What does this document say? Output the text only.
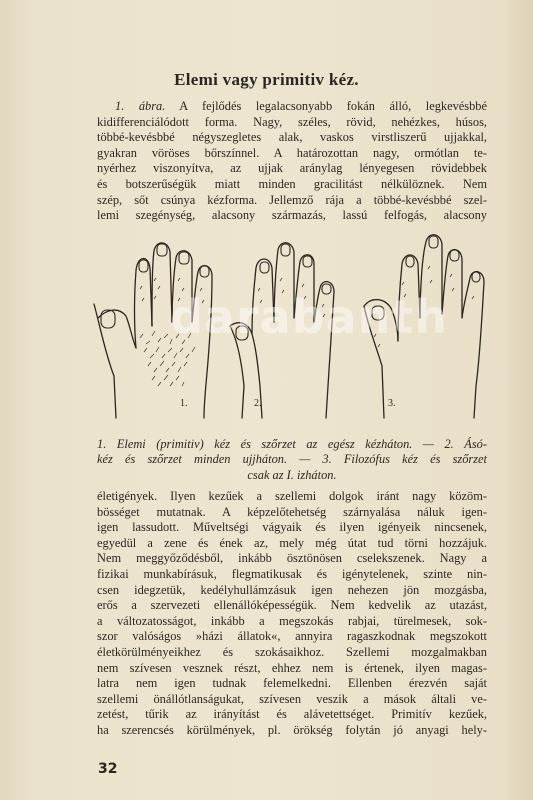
Elemi vagy primitiv kéz.
1. ábra. A fejlődés legalacsonyabb fokán álló, legkevésbbé
kidifferenciálódott forma. Nagy, széles, rövid, nehézkes, húsos,
többé-kevésbbé négyszegletes alak, vaskos virstliszerű ujjakkal,
gyakran vöröses bőrszínnel. A határozottan nagy, ormótlan te-
nyérhez viszonyítva, az ujjak aránylag lényegesen rövidebbek
és botszerűségük miatt minden gracilitást nélkülöznek. Nem
szép, sőt csúnya kézforma. Jellemző rája a többé-kevésbbé szel-
lemi szegénység, alacsony származás, lassú felfogás, alacsony
1.	2.	3.
darabanth
1. Elemi (primitiv) kéz és szőrzet az egész kézháton. — 2. Ásó-
kéz és szőrzet minden ujjháton. — 3. Filozófus kéz és szőrzet
csak az I. izháton.
életigények. Ilyen kezűek a szellemi dolgok iránt nagy közöm-
bösséget mutatnak. A képzelőtehetség szárnyalása náluk igen-
igen lassudott. Műveltségi vágyaik és ilyen igényeik nincsenek,
egyedül a zene és ének az, mely még útat tud törni hozzájuk.
Nem meggyőződésből, inkább ösztönösen cselekszenek. Nagy a
fizikai munkabírásuk, flegmatikusak és igénytelenek, szinte nin-
csen idegzetük, kedélyhullámzásuk igen nehezen jön mozgásba,
erős a szervezeti ellenállóképességük. Nem kedvelik az utazást,
a változatosságot, inkább a megszokás rabjai, türelmesek, sok-
szor valóságos »házi állatok«, annyira ragaszkodnak megszokott
életkörülményeikhez és szokásaikhoz. Szellemi mozgalmakban
nem szívesen vesznek részt, ehhez nem is értenek, ilyen magas-
latra nem igen tudnak felemelkedni. Ellenben érezvén saját
szellemi önállótlanságukat, szívesen veszik a mások általi ve-
zetést, tűrik az irányítást és alávetettséget. Primitív kezűek,
ha szerencsés körülmények, pl. örökség folytán jó anyagi hely-
32
